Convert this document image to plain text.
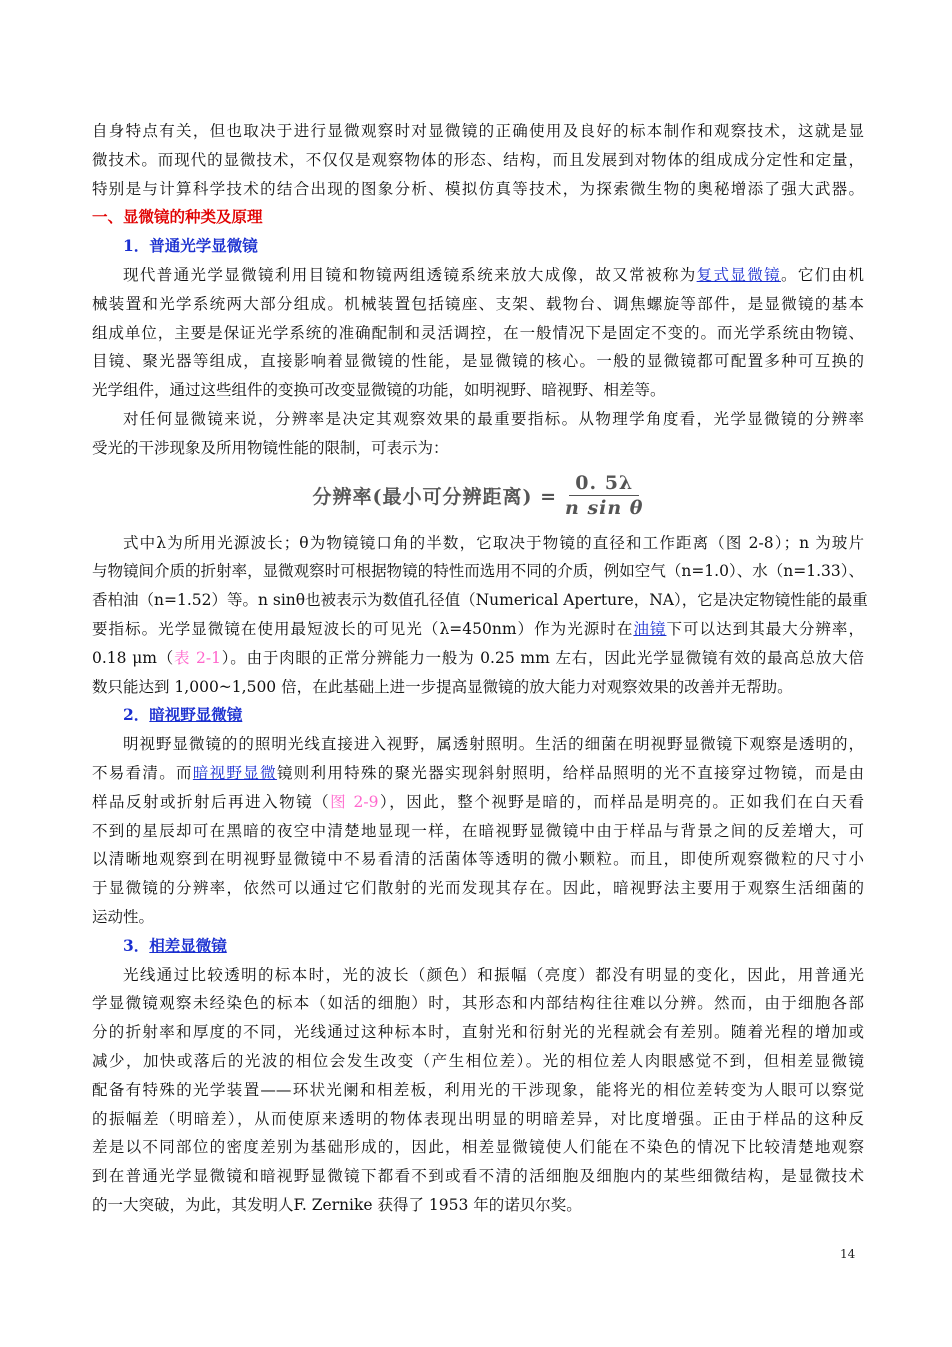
自身特点有关，但也取决于进行显微观察时对显微镜的正确使用及良好的标本制作和观察技术，这就是显
微技术。而现代的显微技术，不仅仅是观察物体的形态、结构，而且发展到对物体的组成成分定性和定量，
特别是与计算科学技术的结合出现的图象分析、模拟仿真等技术，为探索微生物的奥秘增添了强大武器。
一、显微镜的种类及原理
1．普通光学显微镜
现代普通光学显微镜利用目镜和物镜两组透镜系统来放大成像，故又常被称为复式显微镜。它们由机
械装置和光学系统两大部分组成。机械装置包括镜座、支架、载物台、调焦螺旋等部件，是显微镜的基本
组成单位，主要是保证光学系统的准确配制和灵活调控，在一般情况下是固定不变的。而光学系统由物镜、
目镜、聚光器等组成，直接影响着显微镜的性能，是显微镜的核心。一般的显微镜都可配置多种可互换的
光学组件，通过这些组件的变换可改变显微镜的功能，如明视野、暗视野、相差等。
对任何显微镜来说，分辨率是决定其观察效果的最重要指标。从物理学角度看，光学显微镜的分辨率
受光的干涉现象及所用物镜性能的限制，可表示为：
分辨率(最小可分辨距离) = $\frac{0. 5\lambda}{\text{n sin θ}}$
式中λ为所用光源波长；θ为物镜镜口角的半数，它取决于物镜的直径和工作距离（图 2-8）；n 为玻片
与物镜间介质的折射率，显微观察时可根据物镜的特性而选用不同的介质，例如空气（n=1.0）、水（n=1.33）、
香柏油（n=1.52）等。n sinθ也被表示为数值孔径值（Numerical Aperture，NA），它是决定物镜性能的最重
要指标。光学显微镜在使用最短波长的可见光（λ=450nm）作为光源时在油镜下可以达到其最大分辨率，
0.18 μm（表 2-1）。由于肉眼的正常分辨能力一般为 0.25 mm 左右，因此光学显微镜有效的最高总放大倍
数只能达到 1,000~1,500 倍，在此基础上进一步提高显微镜的放大能力对观察效果的改善并无帮助。
2．暗视野显微镜
明视野显微镜的的照明光线直接进入视野，属透射照明。生活的细菌在明视野显微镜下观察是透明的，
不易看清。而暗视野显微镜则利用特殊的聚光器实现斜射照明，给样品照明的光不直接穿过物镜，而是由
样品反射或折射后再进入物镜（图 2-9），因此，整个视野是暗的，而样品是明亮的。正如我们在白天看
不到的星辰却可在黑暗的夜空中清楚地显现一样，在暗视野显微镜中由于样品与背景之间的反差增大，可
以清晰地观察到在明视野显微镜中不易看清的活菌体等透明的微小颗粒。而且，即使所观察微粒的尺寸小
于显微镜的分辨率，依然可以通过它们散射的光而发现其存在。因此，暗视野法主要用于观察生活细菌的
运动性。
3．相差显微镜
光线通过比较透明的标本时，光的波长（颜色）和振幅（亮度）都没有明显的变化，因此，用普通光
学显微镜观察未经染色的标本（如活的细胞）时，其形态和内部结构往往难以分辨。然而，由于细胞各部
分的折射率和厚度的不同，光线通过这种标本时，直射光和衍射光的光程就会有差别。随着光程的增加或
减少，加快或落后的光波的相位会发生改变（产生相位差）。光的相位差人肉眼感觉不到，但相差显微镜
配备有特殊的光学装置——环状光阑和相差板，利用光的干涉现象，能将光的相位差转变为人眼可以察觉
的振幅差（明暗差），从而使原来透明的物体表现出明显的明暗差异，对比度增强。正由于样品的这种反
差是以不同部位的密度差别为基础形成的，因此，相差显微镜使人们能在不染色的情况下比较清楚地观察
到在普通光学显微镜和暗视野显微镜下都看不到或看不清的活细胞及细胞内的某些细微结构，是显微技术
的一大突破，为此，其发明人F. Zernike 获得了 1953 年的诺贝尔奖。
14
